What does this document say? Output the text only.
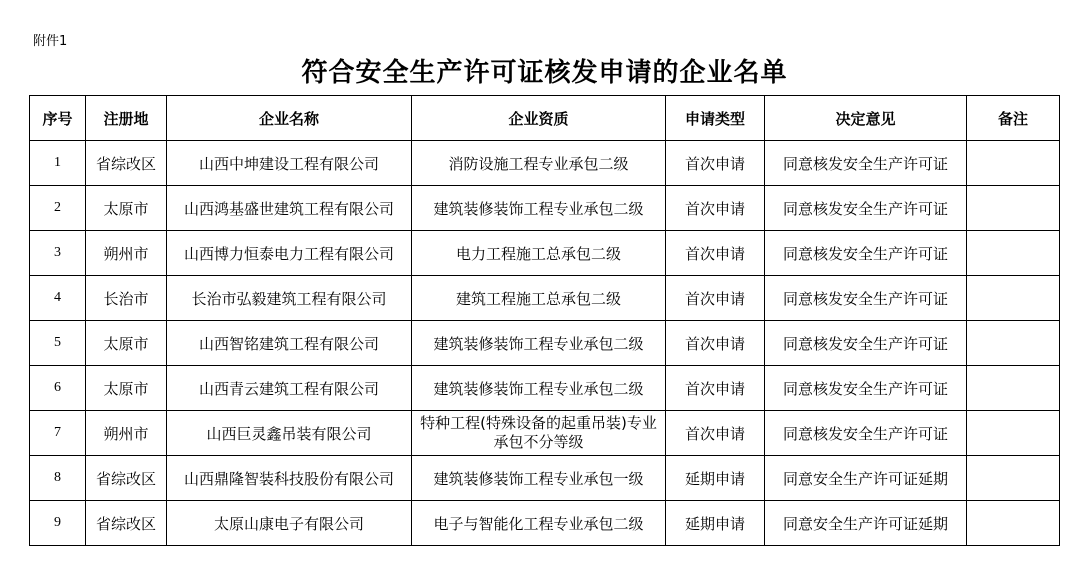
附件1
符合安全生产许可证核发申请的企业名单
序号	注册地	企业名称	企业资质	申请类型	决定意见	备注
1	省综改区	山西中坤建设工程有限公司	消防设施工程专业承包二级	首次申请	同意核发安全生产许可证	
2	太原市	山西鸿基盛世建筑工程有限公司	建筑装修装饰工程专业承包二级	首次申请	同意核发安全生产许可证	
3	朔州市	山西博力恒泰电力工程有限公司	电力工程施工总承包二级	首次申请	同意核发安全生产许可证	
4	长治市	长治市弘毅建筑工程有限公司	建筑工程施工总承包二级	首次申请	同意核发安全生产许可证	
5	太原市	山西智铭建筑工程有限公司	建筑装修装饰工程专业承包二级	首次申请	同意核发安全生产许可证	
6	太原市	山西青云建筑工程有限公司	建筑装修装饰工程专业承包二级	首次申请	同意核发安全生产许可证	
7	朔州市	山西巨灵鑫吊装有限公司	特种工程(特殊设备的起重吊装)专业承包不分等级	首次申请	同意核发安全生产许可证	
8	省综改区	山西鼎隆智装科技股份有限公司	建筑装修装饰工程专业承包一级	延期申请	同意安全生产许可证延期	
9	省综改区	太原山康电子有限公司	电子与智能化工程专业承包二级	延期申请	同意安全生产许可证延期	
